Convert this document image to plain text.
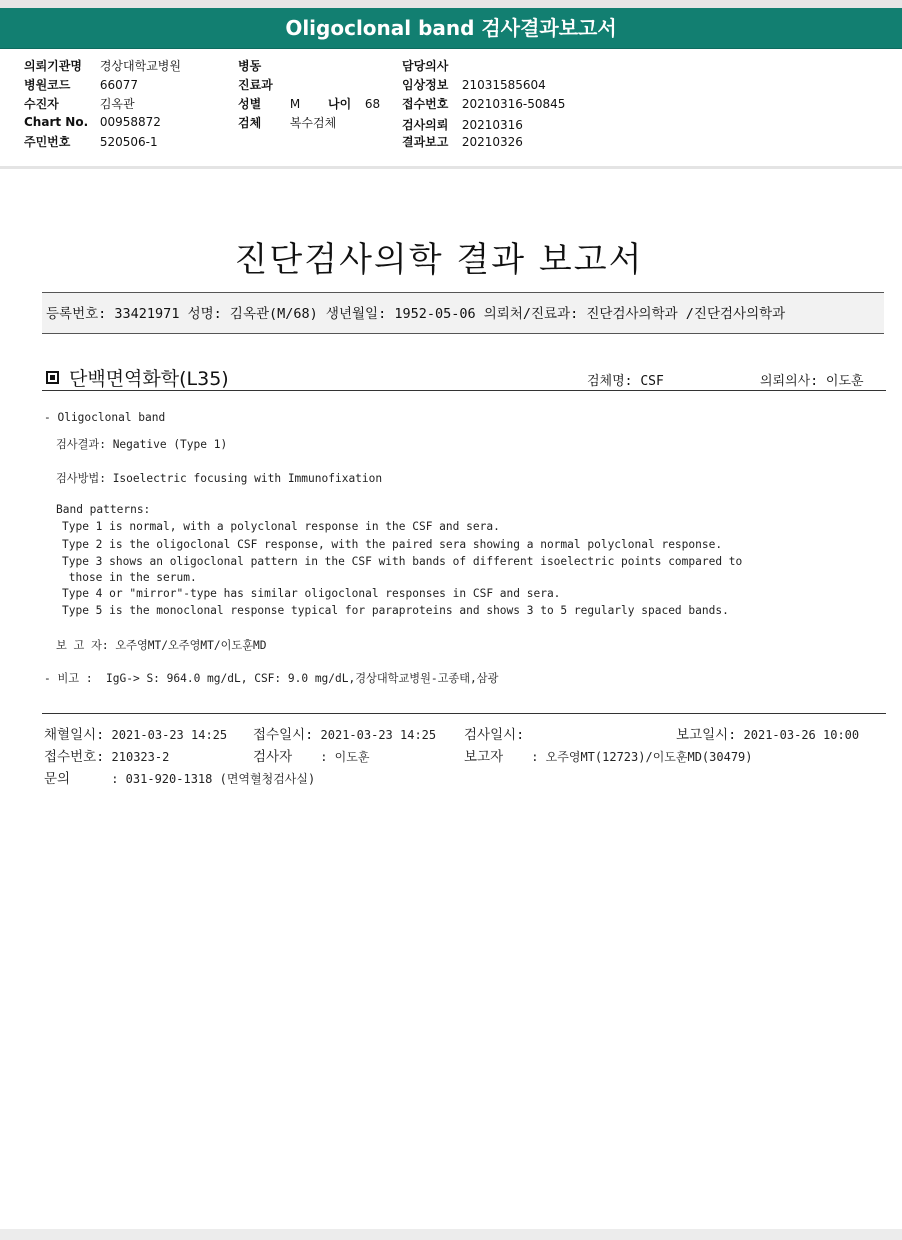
Oligoclonal band 검사결과보고서
의뢰기관명 경상대학교병원
병원코드 66077
수진자	김옥관
Chart No. 00958872
주민번호 520506-1
병동
진료과
성별 M 나이 68
검체 복수검체
담당의사
임상정보 21031585604
접수번호 20210316-50845
검사의뢰 20210316
결과보고 20210326
진단검사의학 결과 보고서
등록번호: 33421971 성명: 김옥관(M/68) 생년월일: 1952-05-06 의뢰처/진료과: 진단검사의학과 /진단검사의학과
단백면역화학(L35)	검체명: CSF	의뢰의사: 이도훈
- Oligoclonal band
검사결과: Negative (Type 1)
검사방법: Isoelectric focusing with Immunofixation
Band patterns:
Type 1 is normal, with a polyclonal response in the CSF and sera.
Type 2 is the oligoclonal CSF response, with the paired sera showing a normal polyclonal response.
Type 3 shows an oligoclonal pattern in the CSF with bands of different isoelectric points compared to
those in the serum.
Type 4 or "mirror"-type has similar oligoclonal responses in CSF and sera.
Type 5 is the monoclonal response typical for paraproteins and shows 3 to 5 regularly spaced bands.
보 고 자: 오주영MT/오주영MT/이도훈MD
- 비고 :  IgG-> S: 964.0 mg/dL, CSF: 9.0 mg/dL,경상대학교병원-고종태,삼광
채혈일시: 2021-03-23 14:25 접수일시: 2021-03-23 14:25 검사일시:	보고일시: 2021-03-26 10:00
접수번호: 210323-2	검사자 : 이도훈	보고자 : 오주영MT(12723)/이도훈MD(30479)
문의	: 031-920-1318 (면역혈청검사실)
